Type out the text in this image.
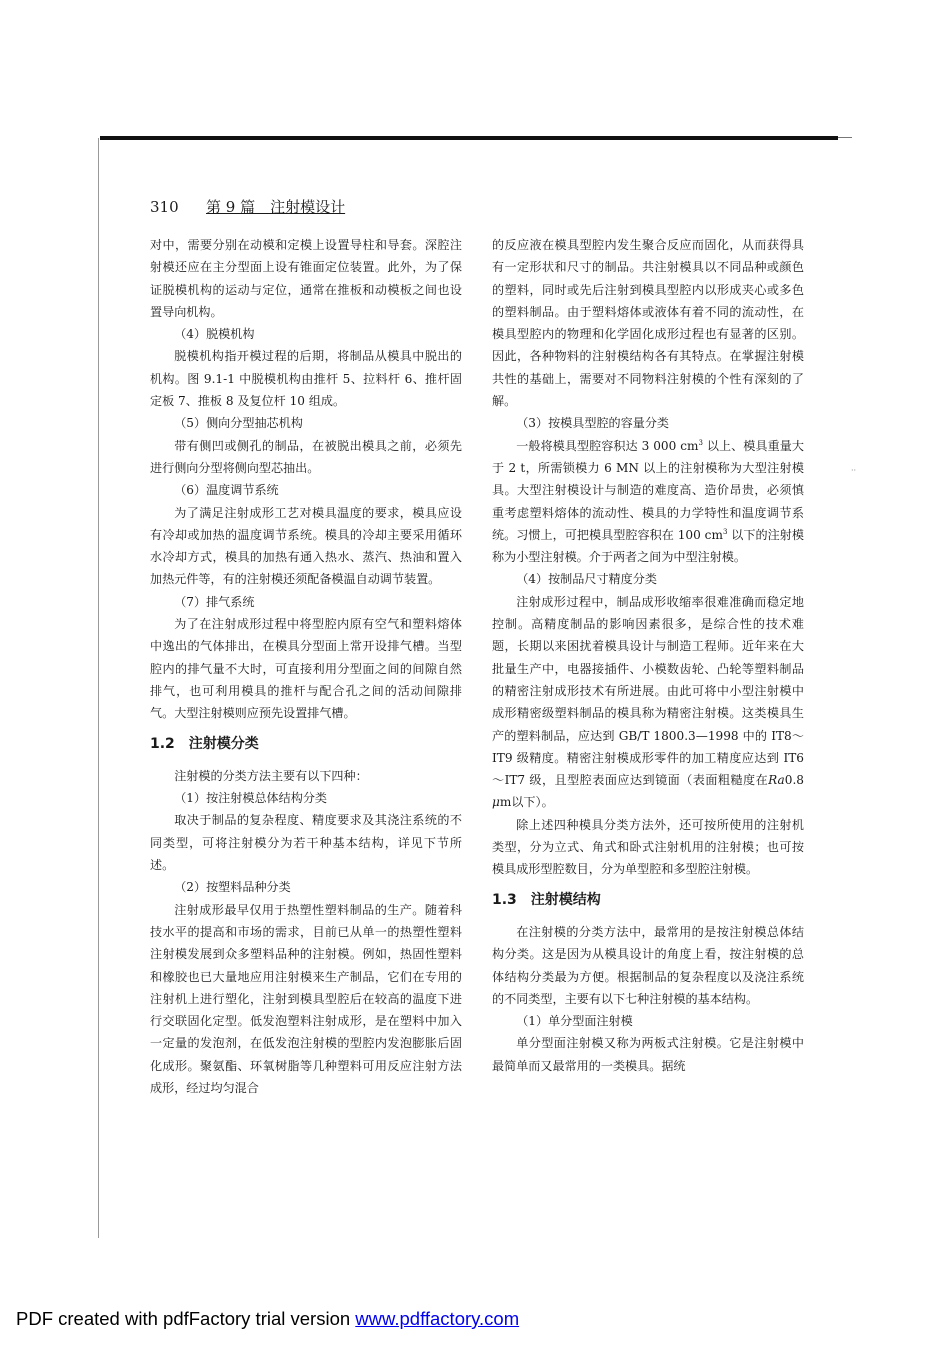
310 第 9 篇　注射模设计

对中，需要分别在动模和定模上设置导柱和导套。深腔注射模还应在主分型面上设有锥面定位装置。此外，为了保证脱模机构的运动与定位，通常在推板和动模板之间也设置导向机构。

（4）脱模机构

脱模机构指开模过程的后期，将制品从模具中脱出的机构。图 9.1-1 中脱模机构由推杆 5、拉料杆 6、推杆固定板 7、推板 8 及复位杆 10 组成。

（5）侧向分型抽芯机构

带有侧凹或侧孔的制品，在被脱出模具之前，必须先进行侧向分型将侧向型芯抽出。

（6）温度调节系统

为了满足注射成形工艺对模具温度的要求，模具应设有冷却或加热的温度调节系统。模具的冷却主要采用循环水冷却方式，模具的加热有通入热水、蒸汽、热油和置入加热元件等，有的注射模还须配备模温自动调节装置。

（7）排气系统

为了在注射成形过程中将型腔内原有空气和塑料熔体中逸出的气体排出，在模具分型面上常开设排气槽。当型腔内的排气量不大时，可直接利用分型面之间的间隙自然排气，也可利用模具的推杆与配合孔之间的活动间隙排气。大型注射模则应预先设置排气槽。

1.2　注射模分类

注射模的分类方法主要有以下四种：

（1）按注射模总体结构分类

取决于制品的复杂程度、精度要求及其浇注系统的不同类型，可将注射模分为若干种基本结构，详见下节所述。

（2）按塑料品种分类

注射成形最早仅用于热塑性塑料制品的生产。随着科技水平的提高和市场的需求，目前已从单一的热塑性塑料注射模发展到众多塑料品种的注射模。例如，热固性塑料和橡胶也已大量地应用注射模来生产制品，它们在专用的注射机上进行塑化，注射到模具型腔后在较高的温度下进行交联固化定型。低发泡塑料注射成形，是在塑料中加入一定量的发泡剂，在低发泡注射模的型腔内发泡膨胀后固化成形。聚氨酯、环氧树脂等几种塑料可用反应注射方法成形，经过均匀混合

的反应液在模具型腔内发生聚合反应而固化，从而获得具有一定形状和尺寸的制品。共注射模具以不同品种或颜色的塑料，同时或先后注射到模具型腔内以形成夹心或多色的塑料制品。由于塑料熔体或液体有着不同的流动性，在模具型腔内的物理和化学固化成形过程也有显著的区别。因此，各种物料的注射模结构各有其特点。在掌握注射模共性的基础上，需要对不同物料注射模的个性有深刻的了解。

（3）按模具型腔的容量分类

一般将模具型腔容积达 3 000 $cm^3$ 以上、模具重量大于 2 t，所需锁模力 6 MN 以上的注射模称为大型注射模具。大型注射模设计与制造的难度高、造价昂贵，必须慎重考虑塑料熔体的流动性、模具的力学特性和温度调节系统。习惯上，可把模具型腔容积在 100 $cm^3$ 以下的注射模称为小型注射模。介于两者之间为中型注射模。

（4）按制品尺寸精度分类

注射成形过程中，制品成形收缩率很难准确而稳定地控制。高精度制品的影响因素很多，是综合性的技术难题，长期以来困扰着模具设计与制造工程师。近年来在大批量生产中，电器接插件、小模数齿轮、凸轮等塑料制品的精密注射成形技术有所进展。由此可将中小型注射模中成形精密级塑料制品的模具称为精密注射模。这类模具生产的塑料制品，应达到 GB/T 1800.3—1998 中的 IT8～IT9 级精度。精密注射模成形零件的加工精度应达到 IT6～IT7 级，且型腔表面应达到镜面（表面粗糙度在Ra0.8 μm以下）。

除上述四种模具分类方法外，还可按所使用的注射机类型，分为立式、角式和卧式注射机用的注射模；也可按模具成形型腔数目，分为单型腔和多型腔注射模。

1.3　注射模结构

在注射模的分类方法中，最常用的是按注射模总体结构分类。这是因为从模具设计的角度上看，按注射模的总体结构分类最为方便。根据制品的复杂程度以及浇注系统的不同类型，主要有以下七种注射模的基本结构。

（1）单分型面注射模

单分型面注射模又称为两板式注射模。它是注射模中最简单而又最常用的一类模具。据统

··
PDF created with pdfFactory trial version www.pdffactory.com
